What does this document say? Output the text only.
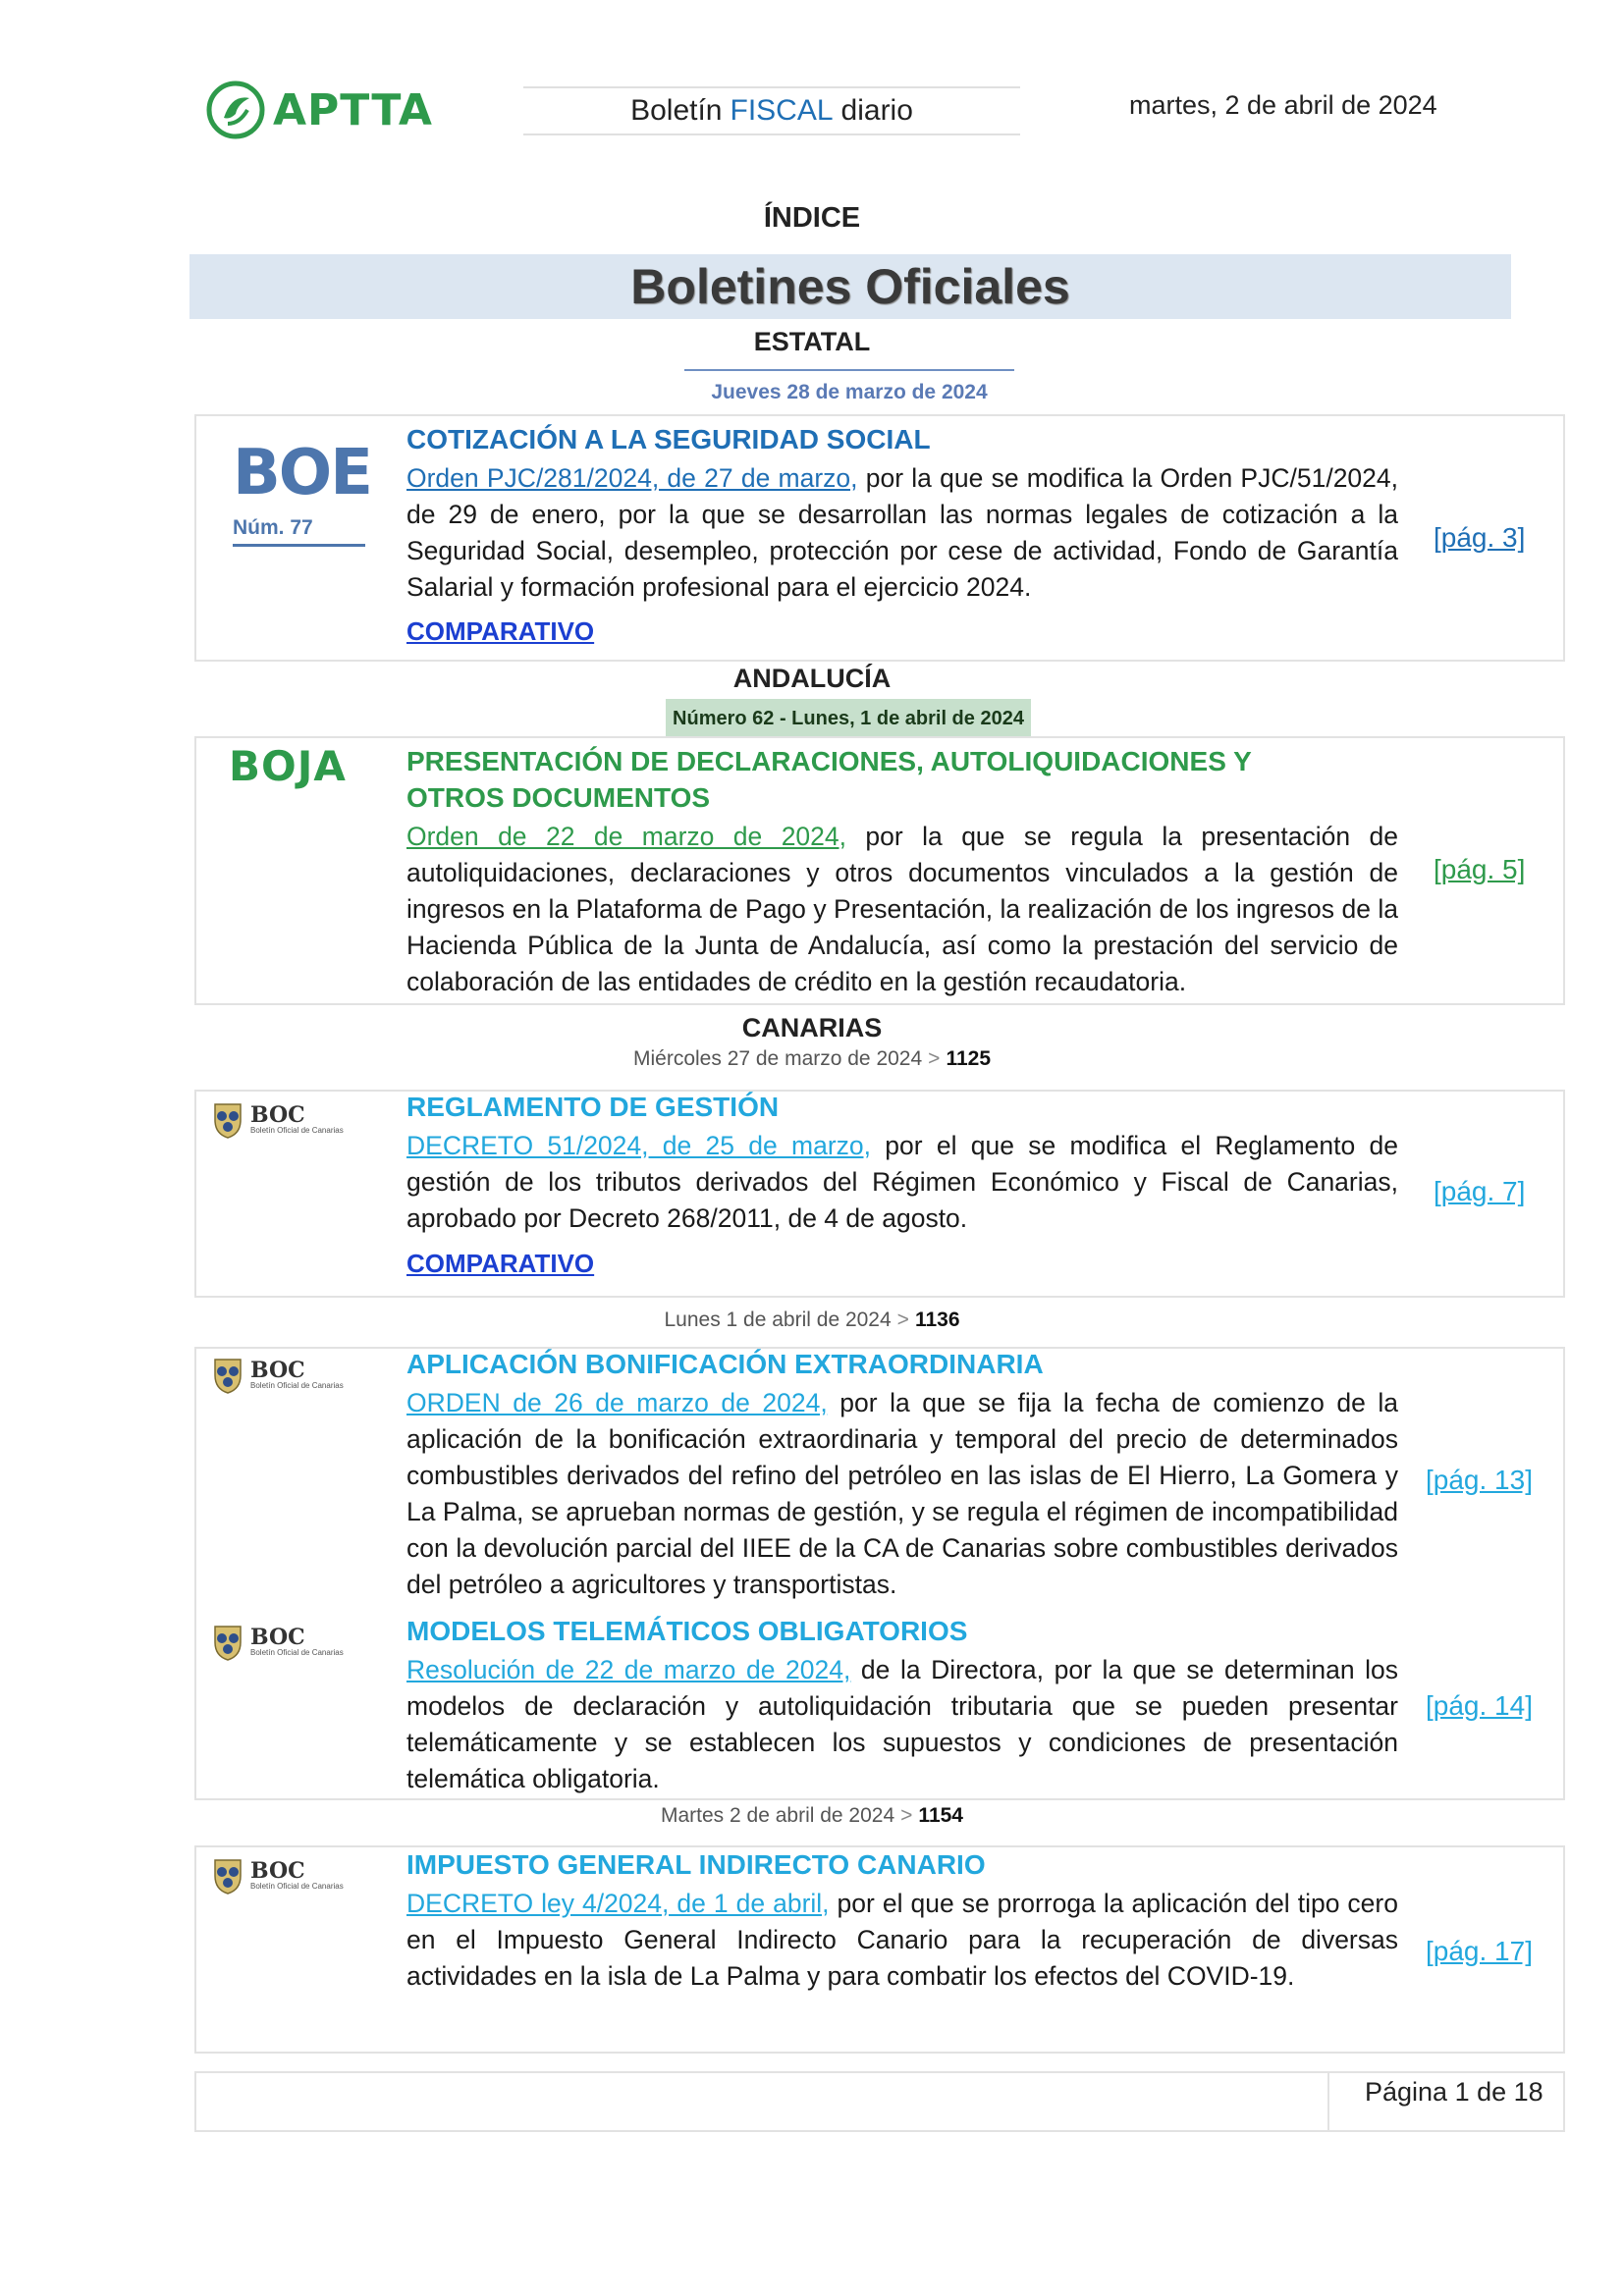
APTTA	Boletín FISCAL diario	martes, 2 de abril de 2024
ÍNDICE
Boletines Oficiales
ESTATAL
Jueves 28 de marzo de 2024
BOE
Núm. 77
COTIZACIÓN A LA SEGURIDAD SOCIAL
Orden PJC/281/2024, de 27 de marzo, por la que se modifica la Orden PJC/51/2024, de 29 de enero, por la que se desarrollan las normas legales de cotización a la Seguridad Social, desempleo, protección por cese de actividad, Fondo de Garantía Salarial y formación profesional para el ejercicio 2024.
COMPARATIVO
[pág. 3]
ANDALUCÍA
Número 62 - Lunes, 1 de abril de 2024
BOJA PRESENTACIÓN DE DECLARACIONES, AUTOLIQUIDACIONES Y
OTROS DOCUMENTOS
Orden de 22 de marzo de 2024, por la que se regula la presentación de autoliquidaciones, declaraciones y otros documentos vinculados a la gestión de ingresos en la Plataforma de Pago y Presentación, la realización de los ingresos de la Hacienda Pública de la Junta de Andalucía, así como la prestación del servicio de colaboración de las entidades de crédito en la gestión recaudatoria.
[pág. 5]
CANARIAS
Miércoles 27 de marzo de 2024 > 1125
BOC
Boletín Oficial de Canarias
REGLAMENTO DE GESTIÓN
DECRETO 51/2024, de 25 de marzo, por el que se modifica el Reglamento de gestión de los tributos derivados del Régimen Económico y Fiscal de Canarias, aprobado por Decreto 268/2011, de 4 de agosto.
COMPARATIVO
[pág. 7]
Lunes 1 de abril de 2024 > 1136
BOC
Boletín Oficial de Canarias
APLICACIÓN BONIFICACIÓN EXTRAORDINARIA
ORDEN de 26 de marzo de 2024, por la que se fija la fecha de comienzo de la aplicación de la bonificación extraordinaria y temporal del precio de determinados combustibles derivados del refino del petróleo en las islas de El Hierro, La Gomera y La Palma, se aprueban normas de gestión, y se regula el régimen de incompatibilidad con la devolución parcial del IIEE de la CA de Canarias sobre combustibles derivados del petróleo a agricultores y transportistas.
[pág. 13]
BOC
Boletín Oficial de Canarias
MODELOS TELEMÁTICOS OBLIGATORIOS
Resolución de 22 de marzo de 2024, de la Directora, por la que se determinan los modelos de declaración y autoliquidación tributaria que se pueden presentar telemáticamente y se establecen los supuestos y condiciones de presentación telemática obligatoria.
[pág. 14]
Martes 2 de abril de 2024 > 1154
BOC
Boletín Oficial de Canarias
IMPUESTO GENERAL INDIRECTO CANARIO
DECRETO ley 4/2024, de 1 de abril, por el que se prorroga la aplicación del tipo cero en el Impuesto General Indirecto Canario para la recuperación de diversas actividades en la isla de La Palma y para combatir los efectos del COVID-19.
[pág. 17]
Página 1 de 18
